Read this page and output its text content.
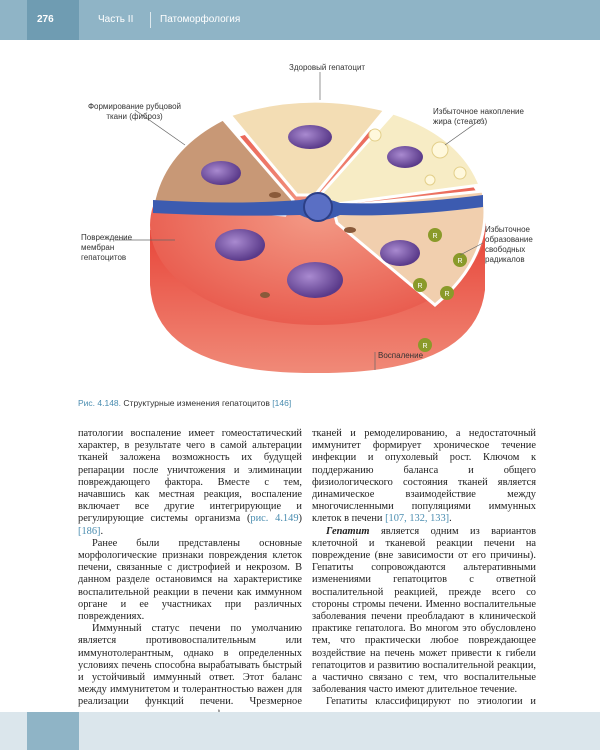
276	Часть II	Патоморфология
R
R
R
R
R
Здоровый гепатоцит
Формирование рубцовой
ткани (фиброз)
Избыточное накопление
жира (стеатоз)
Повреждение
мембран
гепатоцитов
Избыточное
образование
свободных
радикалов
Воспаление
Рис. 4.148. Структурные изменения гепатоцитов [146]

патологии воспаление имеет гомеостатический характер, в результате чего в самой альтерации тканей заложена возможность их будущей репарации после уничтожения и элиминации повреждающего фактора. Вместе с тем, начавшись как местная реакция, воспаление включает все другие интегрирующие и регулирующие системы организма (рис. 4.149) [186].

Ранее были представлены основные морфологические признаки повреждения клеток печени, связанные с дистрофией и некрозом. В данном разделе остановимся на характеристике воспалительной реакции в печени как иммунном органе и ее участниках при различных повреждениях.

Иммунный статус печени по умолчанию является противовоспалительным или иммунотолерантным, однако в определенных условиях печень способна вырабатывать быстрый и устойчивый иммунный ответ. Этот баланс между иммунитетом и толерантностью важен для реализации функций печени. Чрезмерное

тканей и ремоделированию, а недостаточный иммунитет формирует хроническое течение инфекции и опухолевый рост. Ключом к поддержанию баланса и общего физиологического состояния тканей является динамическое взаимодействие между многочисленными популяциями иммунных клеток в печени [107, 132, 133].

Гепатит является одним из вариантов клеточной и тканевой реакции печени на повреждение (вне зависимости от его причины). Гепатиты сопровождаются альтеративными изменениями гепатоцитов с ответной воспалительной реакцией, прежде всего со стороны стромы печени. Именно воспалительные заболевания печени преобладают в клинической практике гепатолога. Во многом это обусловлено тем, что практически любое повреждающее воздействие на печень может привести к гибели гепатоцитов и развитию воспалительной реакции, а частично связано с тем, что воспалительные заболевания часто имеют длительное течение.

Гепатиты классифицируют по этиологии и
